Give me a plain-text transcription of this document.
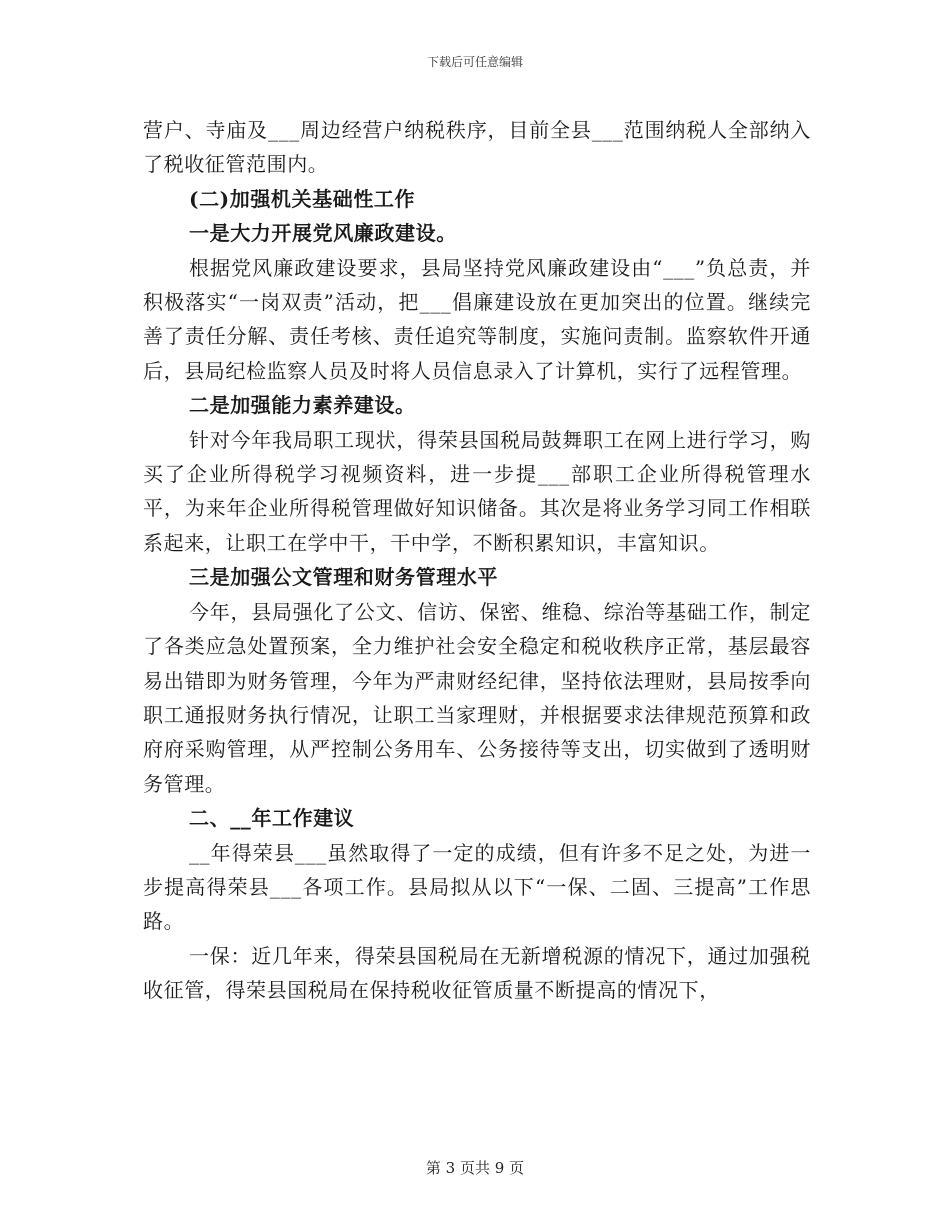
下载后可任意编辑

营户、寺庙及___周边经营户纳税秩序，目前全县___范围纳税人全部纳入了税收征管范围内。

(二)加强机关基础性工作

一是大力开展党风廉政建设。

根据党风廉政建设要求，县局坚持党风廉政建设由“___”负总责，并积极落实“一岗双责”活动，把___倡廉建设放在更加突出的位置。继续完善了责任分解、责任考核、责任追究等制度，实施问责制。监察软件开通后，县局纪检监察人员及时将人员信息录入了计算机，实行了远程管理。

二是加强能力素养建设。

针对今年我局职工现状，得荣县国税局鼓舞职工在网上进行学习，购买了企业所得税学习视频资料，进一步提___部职工企业所得税管理水平，为来年企业所得税管理做好知识储备。其次是将业务学习同工作相联系起来，让职工在学中干，干中学，不断积累知识，丰富知识。

三是加强公文管理和财务管理水平

今年，县局强化了公文、信访、保密、维稳、综治等基础工作，制定了各类应急处置预案，全力维护社会安全稳定和税收秩序正常，基层最容易出错即为财务管理，今年为严肃财经纪律，坚持依法理财，县局按季向职工通报财务执行情况，让职工当家理财，并根据要求法律规范预算和政府府采购管理，从严控制公务用车、公务接待等支出，切实做到了透明财务管理。

二、__年工作建议

__年得荣县___虽然取得了一定的成绩，但有许多不足之处，为进一步提高得荣县___各项工作。县局拟从以下“一保、二固、三提高”工作思路。

一保：近几年来，得荣县国税局在无新增税源的情况下，通过加强税收征管，得荣县国税局在保持税收征管质量不断提高的情况下，

第 3 页共 9 页
